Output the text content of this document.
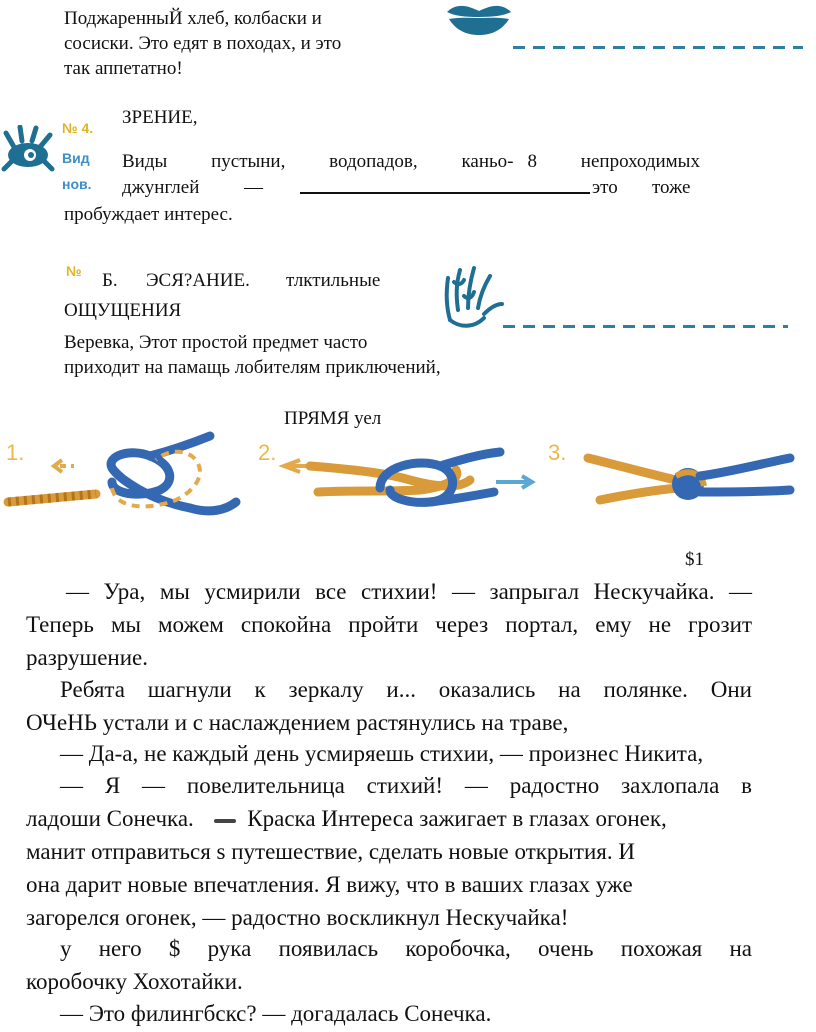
ПоджаренныЙ хлеб, колбаски и
сосиски. Это едят в походах, и это
так аппетатно!
№ 4.
Вид
нов.
ЗРЕНИЕ,
Виды пустыни, водопадов, каньо- 8 непроходимых
джунглей —	это тоже
пробуждает интерес.
№ Б. ЭСЯ?АНИЕ. тлктильные
ОЩУЩЕНИЯ
Веревка, Этот простой предмет часто
приходит на памащь лобителям приключений,
ПРЯМЯ уел
1.	2.	3.
$1
— Ура, мы усмирили все стихии! — запрыгал Нескучайка. —
Теперь мы можем спокойна пройти через портал, ему не грозит
разрушение.
Ребята шагнули к зеркалу и... оказались на полянке. Они
ОЧеНЬ устали и с наслаждением растянулись на траве,
— Да-а, не каждый день усмиряешь стихии, — произнес Никита,
— Я — повелительница стихий! — радостно захлопала в
ладоши Сонечка. Краска Интереса зажигает в глазах огонек,
манит отправиться s путешествие, сделать новые открытия. И
она дарит новые впечатления. Я вижу, что в ваших глазах уже
загорелся огонек, — радостно воскликнул Нескучайка!
у него $ рука появилась коробочка, очень похожая на
коробочку Хохотайки.
— Это филингбскс? — догадалась Сонечка.
